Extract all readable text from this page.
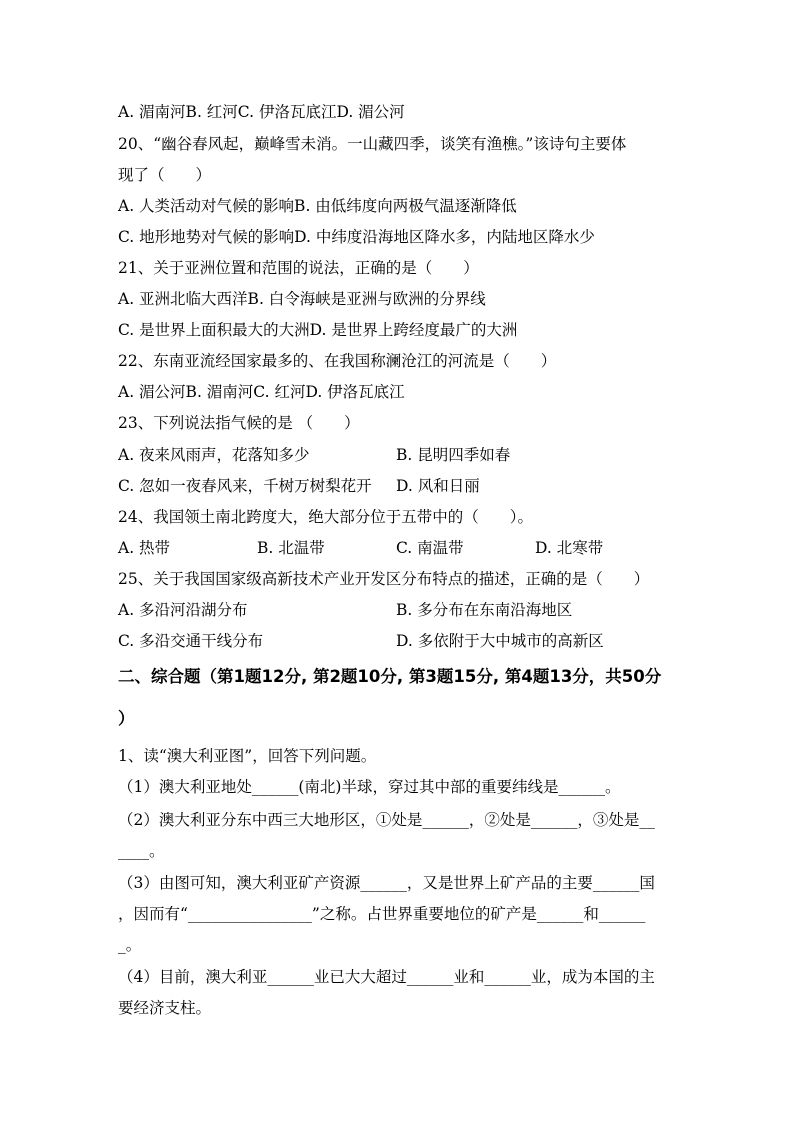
A. 湄南河B. 红河C. 伊洛瓦底江D. 湄公河
20、“幽谷春风起，巅峰雪未消。一山藏四季，谈笑有渔樵。”该诗句主要体
现了（　　）
A. 人类活动对气候的影响B. 由低纬度向两极气温逐渐降低
C. 地形地势对气候的影响D. 中纬度沿海地区降水多，内陆地区降水少
21、关于亚洲位置和范围的说法，正确的是（　　）
A. 亚洲北临大西洋B. 白令海峡是亚洲与欧洲的分界线
C. 是世界上面积最大的大洲D. 是世界上跨经度最广的大洲
22、东南亚流经国家最多的、在我国称澜沧江的河流是（　　）
A. 湄公河B. 湄南河C. 红河D. 伊洛瓦底江
23、下列说法指气候的是 （　　）

A. 夜来风雨声，花落知多少

	B. 昆明四季如春

C. 忽如一夜春风来，千树万树梨花开

D. 风和日丽

24、我国领土南北跨度大，绝大部分位于五带中的（　　）。

A. 热带

	B. 北温带

	C. 南温带

	D. 北寒带

25、关于我国国家级高新技术产业开发区分布特点的描述，正确的是（　　）

A. 多沿河沿湖分布

	B. 多分布在东南沿海地区

C. 多沿交通干线分布

	D. 多依附于大中城市的高新区

二、综合题（第1题12分, 第2题10分, 第3题15分, 第4题13分，共50分
）
1、读“澳大利亚图”，回答下列问题。
（1）澳大利亚地处______(南北)半球，穿过其中部的重要纬线是______。
（2）澳大利亚分东中西三大地形区，①处是______，②处是______，③处是__
____。
（3）由图可知，澳大利亚矿产资源______，又是世界上矿产品的主要______国
，因而有“________________”之称。占世界重要地位的矿产是______和______
_。
（4）目前，澳大利亚______业已大大超过______业和______业，成为本国的主
要经济支柱。
